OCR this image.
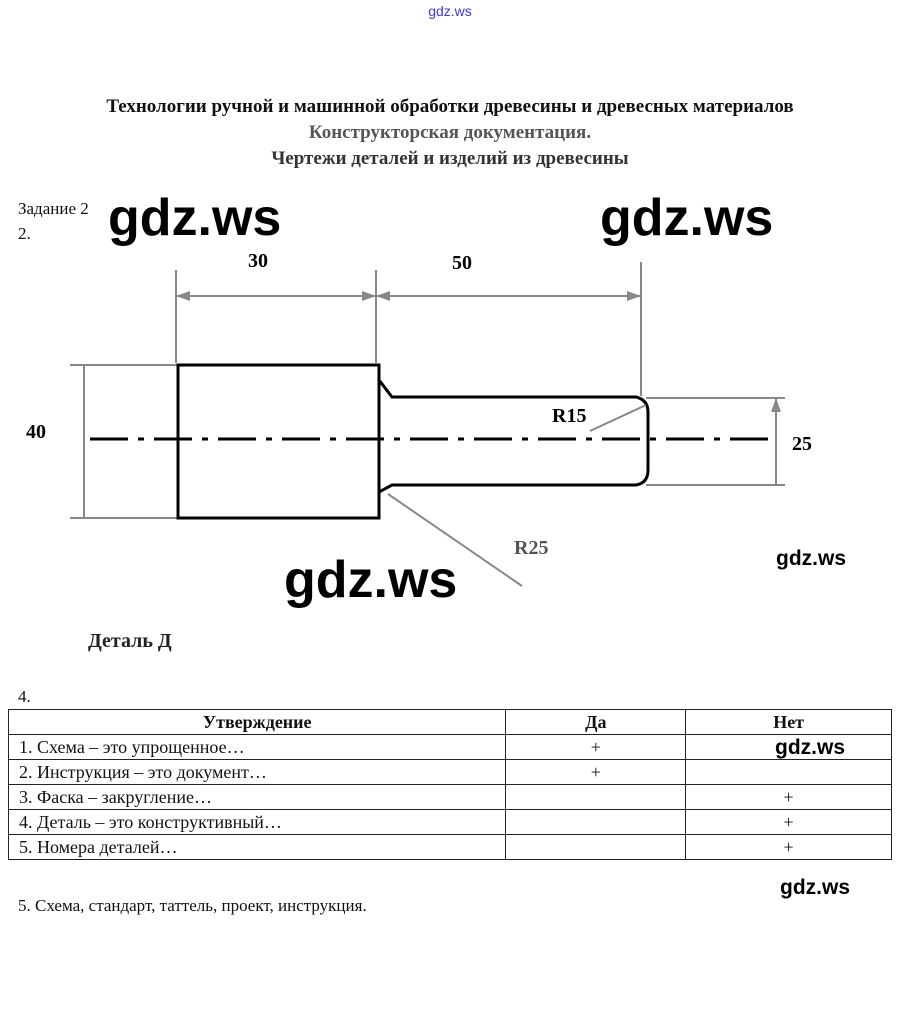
gdz.ws
Технологии ручной и машинной обработки древесины и древесных материалов
Конструкторская документация.
Чертежи деталей и изделий из древесины
Задание 2
2.
30	50
40
25
R15
R25
Деталь Д
4.
Утверждение	Да	Нет
1. Схема – это упрощенное…	+	
2. Инструкция – это документ…	+	
3. Фаска – закругление…		+
4. Деталь – это конструктивный…		+
5. Номера деталей…		+
5. Схема, стандарт, таттель, проект, инструкция.
gdz.ws	gdz.ws
gdz.ws	gdz.ws
gdz.ws
gdz.ws
